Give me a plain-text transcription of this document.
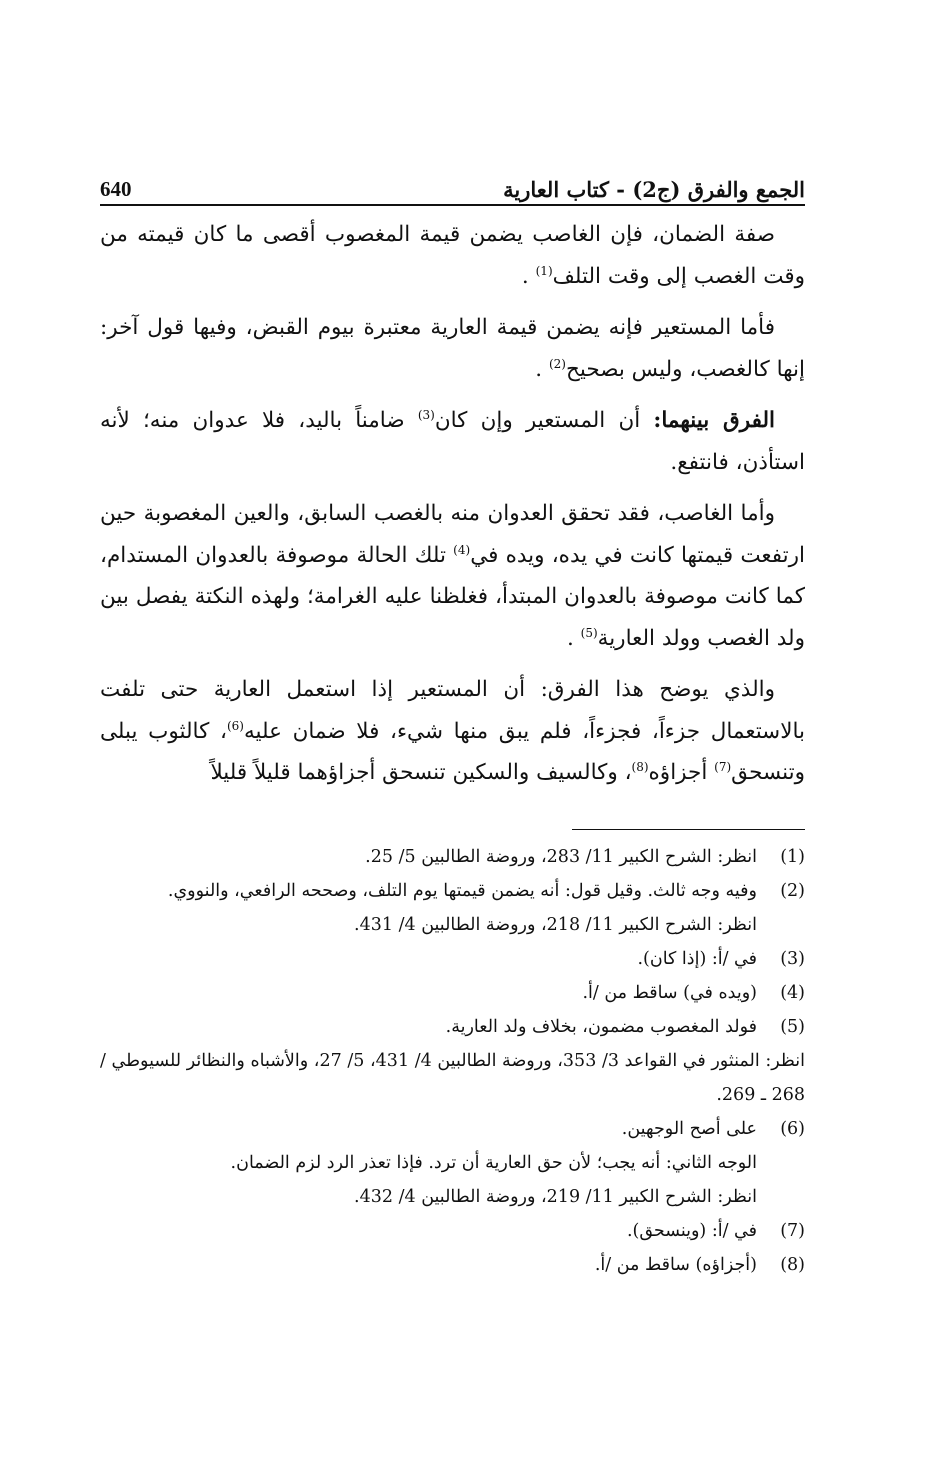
الجمع والفرق (ج2) - كتاب العارية
640

صفة الضمان، فإن الغاصب يضمن قيمة المغصوب أقصى ما كان قيمته من وقت الغصب إلى وقت التلف$^{(1)}$ .

فأما المستعير فإنه يضمن قيمة العارية معتبرة بيوم القبض، وفيها قول آخر: إنها كالغصب، وليس بصحيح$^{(2)}$ .

الفرق بينهما: أن المستعير وإن كان$^{(3)}$ ضامناً باليد، فلا عدوان منه؛ لأنه استأذن، فانتفع.

وأما الغاصب، فقد تحقق العدوان منه بالغصب السابق، والعين المغصوبة حين ارتفعت قيمتها كانت في يده، ويده في$^{(4)}$ تلك الحالة موصوفة بالعدوان المستدام، كما كانت موصوفة بالعدوان المبتدأ، فغلظنا عليه الغرامة؛ ولهذه النكتة يفصل بين ولد الغصب وولد العارية$^{(5)}$ .

والذي يوضح هذا الفرق: أن المستعير إذا استعمل العارية حتى تلفت بالاستعمال جزءاً، فجزءاً، فلم يبق منها شيء، فلا ضمان عليه$^{(6)}$، كالثوب يبلى وتنسحق$^{(7)}$ أجزاؤه$^{(8)}$، وكالسيف والسكين تنسحق أجزاؤهما قليلاً قليلاً

(1)
انظر: الشرح الكبير 11/ 283، وروضة الطالبين 5/ 25.
(2)
وفيه وجه ثالث. وقيل قول: أنه يضمن قيمتها يوم التلف، وصححه الرافعي، والنووي.
انظر: الشرح الكبير 11/ 218، وروضة الطالبين 4/ 431.
(3)
في /أ: (إذا كان).
(4)
(ويده في) ساقط من /أ.
(5)
فولد المغصوب مضمون، بخلاف ولد العارية.
انظر: المنثور في القواعد 3/ 353، وروضة الطالبين 4/ 431، 5/ 27، والأشباه والنظائر للسيوطي / 268 ـ 269.
(6)
على أصح الوجهين.
الوجه الثاني: أنه يجب؛ لأن حق العارية أن ترد. فإذا تعذر الرد لزم الضمان.
انظر: الشرح الكبير 11/ 219، وروضة الطالبين 4/ 432.
(7)
في /أ: (وينسحق).
(8)
(أجزاؤه) ساقط من /أ.
